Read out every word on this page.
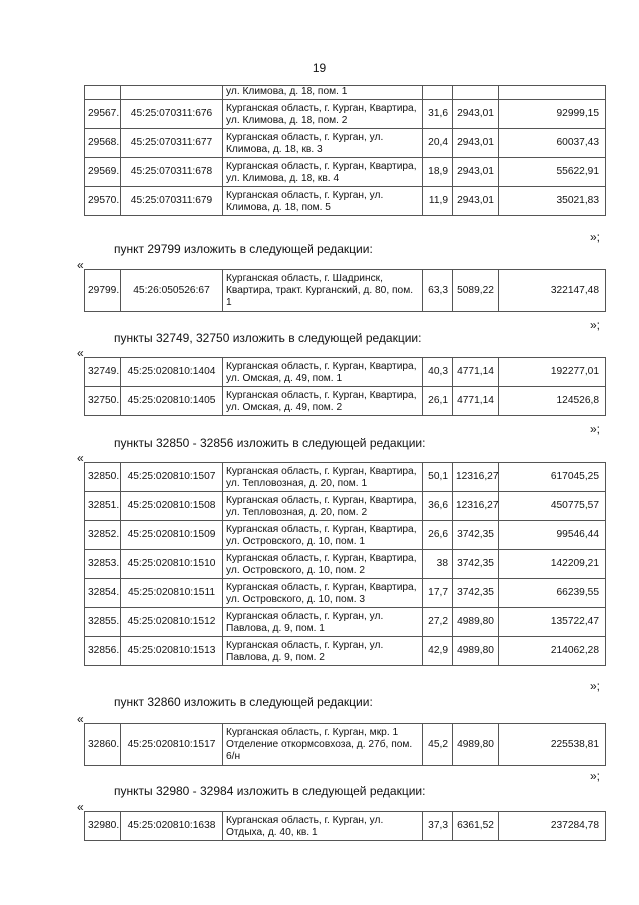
19
		ул. Климова, д. 18, пом. 1			
29567.	45:25:070311:676	Курганская область, г. Курган, Квартира, ул. Климова, д. 18, пом. 2	31,6	2943,01	92999,15
29568.	45:25:070311:677	Курганская область, г. Курган, ул. Климова, д. 18, кв. 3	20,4	2943,01	60037,43
29569.	45:25:070311:678	Курганская область, г. Курган, Квартира, ул. Климова, д. 18, кв. 4	18,9	2943,01	55622,91
29570.	45:25:070311:679	Курганская область, г. Курган, ул. Климова, д. 18, пом. 5	11,9	2943,01	35021,83
»;
пункт 29799 изложить в следующей редакции:
«
29799.	45:26:050526:67	Курганская область, г. Шадринск, Квартира, тракт. Курганский, д. 80, пом. 1	63,3	5089,22	322147,48
»;
пункты 32749, 32750 изложить в следующей редакции:
«
32749.	45:25:020810:1404	Курганская область, г. Курган, Квартира, ул. Омская, д. 49, пом. 1	40,3	4771,14	192277,01
32750.	45:25:020810:1405	Курганская область, г. Курган, Квартира, ул. Омская, д. 49, пом. 2	26,1	4771,14	124526,8
»;
пункты 32850 - 32856 изложить в следующей редакции:
«
32850.	45:25:020810:1507	Курганская область, г. Курган, Квартира, ул. Тепловозная, д. 20, пом. 1	50,1	12316,27	617045,25
32851.	45:25:020810:1508	Курганская область, г. Курган, Квартира, ул. Тепловозная, д. 20, пом. 2	36,6	12316,27	450775,57
32852.	45:25:020810:1509	Курганская область, г. Курган, Квартира, ул. Островского, д. 10, пом. 1	26,6	3742,35	99546,44
32853.	45:25:020810:1510	Курганская область, г. Курган, Квартира, ул. Островского, д. 10, пом. 2	38	3742,35	142209,21
32854.	45:25:020810:1511	Курганская область, г. Курган, Квартира, ул. Островского, д. 10, пом. 3	17,7	3742,35	66239,55
32855.	45:25:020810:1512	Курганская область, г. Курган, ул. Павлова, д. 9, пом. 1	27,2	4989,80	135722,47
32856.	45:25:020810:1513	Курганская область, г. Курган, ул. Павлова, д. 9, пом. 2	42,9	4989,80	214062,28
»;
пункт 32860 изложить в следующей редакции:
«
32860.	45:25:020810:1517	Курганская область, г. Курган, мкр. 1 Отделение откормсовхоза, д. 27б, пом. 6/н	45,2	4989,80	225538,81
»;
пункты 32980 - 32984 изложить в следующей редакции:
«
32980.	45:25:020810:1638	Курганская область, г. Курган, ул. Отдыха, д. 40, кв. 1	37,3	6361,52	237284,78
